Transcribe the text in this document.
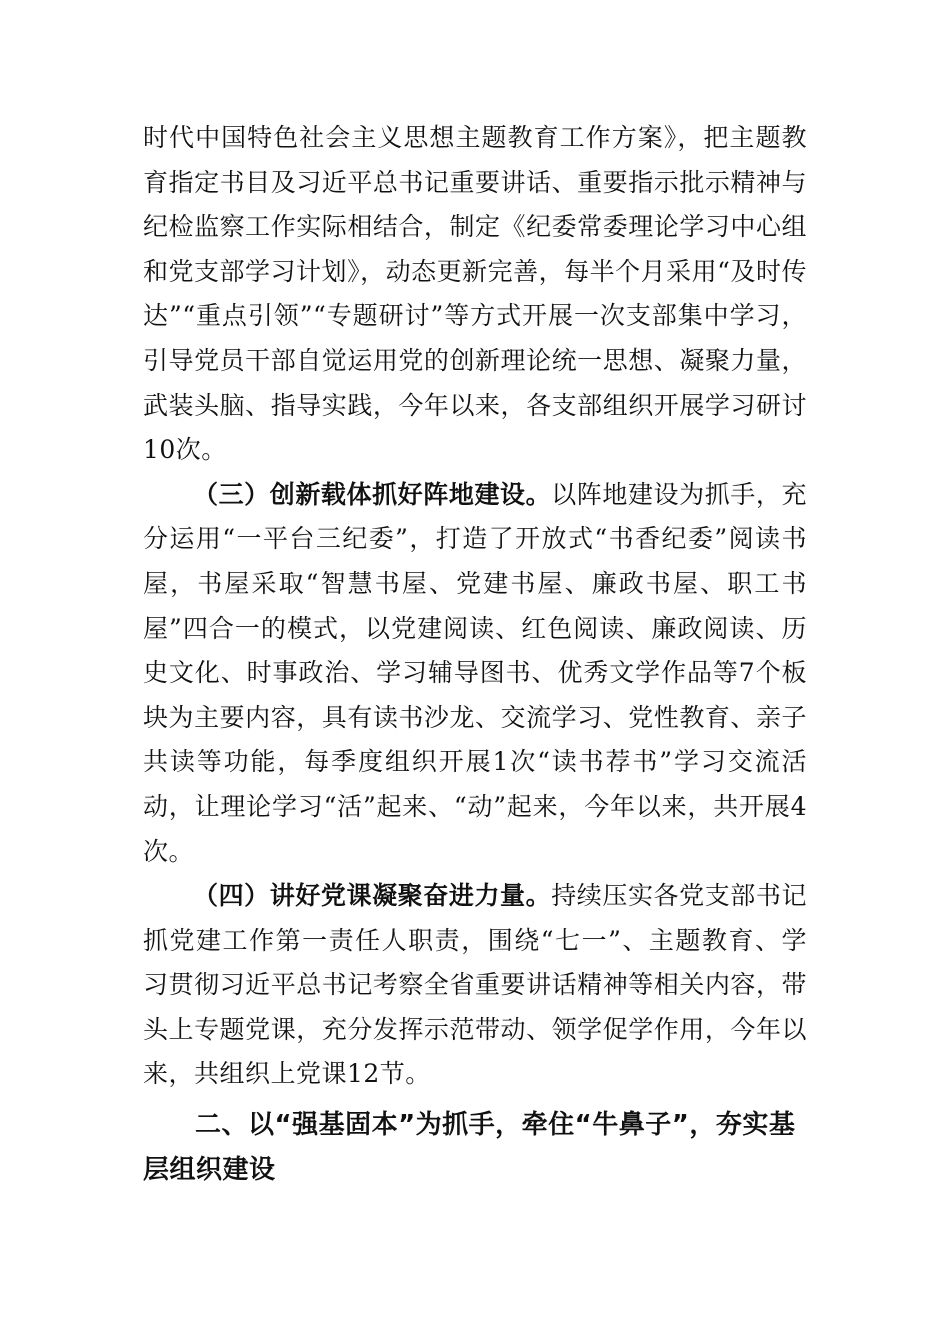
时代中国特色社会主义思想主题教育工作方案》，把主题教育指定书目及习近平总书记重要讲话、重要指示批示精神与纪检监察工作实际相结合，制定《纪委常委理论学习中心组和党支部学习计划》，动态更新完善，每半个月采用“及时传达”“重点引领”“专题研讨”等方式开展一次支部集中学习，引导党员干部自觉运用党的创新理论统一思想、凝聚力量，武装头脑、指导实践，今年以来，各支部组织开展学习研讨10次。

（三）创新载体抓好阵地建设。以阵地建设为抓手，充分运用“一平台三纪委”，打造了开放式“书香纪委”阅读书屋，书屋采取“智慧书屋、党建书屋、廉政书屋、职工书屋”四合一的模式，以党建阅读、红色阅读、廉政阅读、历史文化、时事政治、学习辅导图书、优秀文学作品等7个板块为主要内容，具有读书沙龙、交流学习、党性教育、亲子共读等功能，每季度组织开展1次“读书荐书”学习交流活动，让理论学习“活”起来、“动”起来，今年以来，共开展4次。

（四）讲好党课凝聚奋进力量。持续压实各党支部书记抓党建工作第一责任人职责，围绕“七一”、主题教育、学习贯彻习近平总书记考察全省重要讲话精神等相关内容，带头上专题党课，充分发挥示范带动、领学促学作用，今年以来，共组织上党课12节。

二、以“强基固本”为抓手，牵住“牛鼻子”，夯实基层组织建设
